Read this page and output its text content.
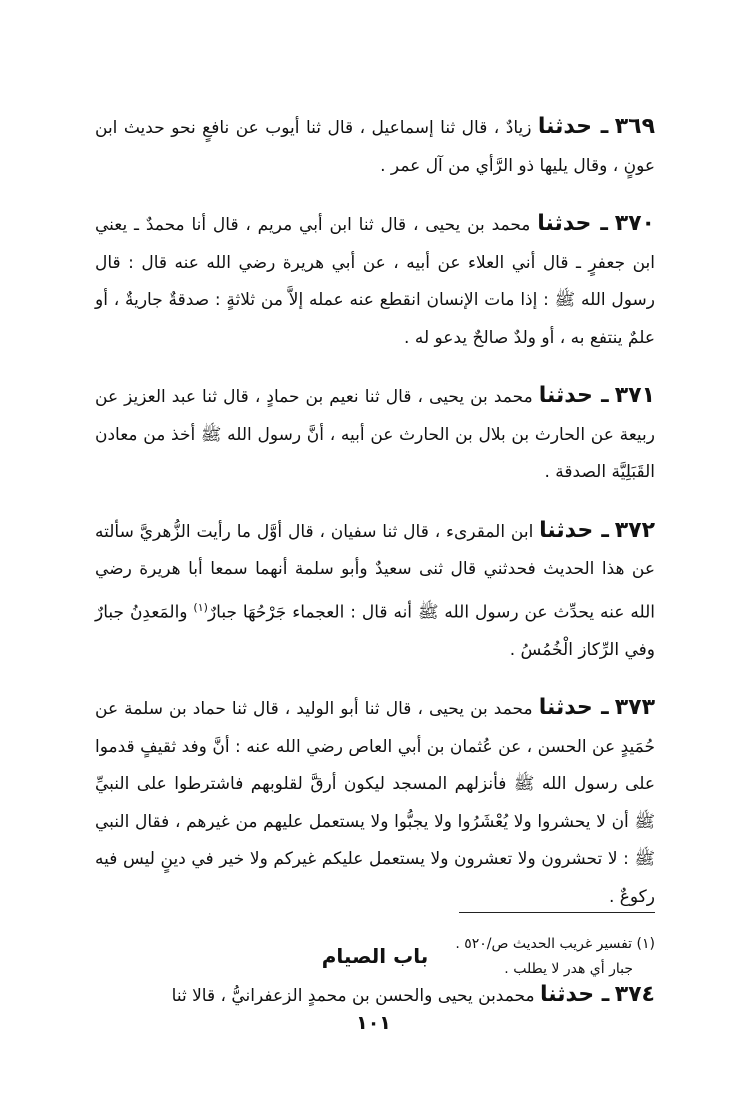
٣٦٩ ـ حدثنا زيادٌ ، قال ثنا إسماعيل ، قال ثنا أيوب عن نافعٍ نحو حديث ابن عونٍ ، وقال يليها ذو الرَّأي من آل عمر .

٣٧٠ ـ حدثنا محمد بن يحيى ، قال ثنا ابن أبي مريم ، قال أنا محمدٌ ـ يعني ابن جعفرٍ ـ قال أني العلاء عن أبيه ، عن أبي هريرة رضي الله عنه قال : قال رسول الله ﷺ : إذا مات الإنسان انقطع عنه عمله إلاَّ من ثلاثةٍ : صدقةٌ جاريةٌ ، أو علمٌ ينتفع به ، أو ولدٌ صالحٌ يدعو له .

٣٧١ ـ حدثنا محمد بن يحيى ، قال ثنا نعيم بن حمادٍ ، قال ثنا عبد العزيز عن ربيعة عن الحارث بن بلال بن الحارث عن أبيه ، أنَّ رسول الله ﷺ أخذ من معادن القَبَلِيَّة الصدقة .

٣٧٢ ـ حدثنا ابن المقرىء ، قال ثنا سفيان ، قال أوَّل ما رأيت الزُّهريَّ سألته عن هذا الحديث فحدثني قال ثنى سعيدٌ وأبو سلمة أنهما سمعا أبا هريرة رضي الله عنه يحدِّث عن رسول الله ﷺ أنه قال : العجماء جَرْحُهَا جبارٌ$^{(١)}$ والمَعدِنُ جبارٌ وفي الرِّكاز الْخُمُسُ .

٣٧٣ ـ حدثنا محمد بن يحيى ، قال ثنا أبو الوليد ، قال ثنا حماد بن سلمة عن حُمَيدٍ عن الحسن ، عن عُثمان بن أبي العاص رضي الله عنه : أنَّ وفد ثقيفٍ قدموا على رسول الله ﷺ فأنزلهم المسجد ليكون أرقَّ لقلوبهم فاشترطوا على النبيِّ ﷺ أن لا يحشروا ولا يُعْشَرُوا ولا يجبُّوا ولا يستعمل عليهم من غيرهم ، فقال النبي ﷺ : لا تحشرون ولا تعشرون ولا يستعمل عليكم غيركم ولا خير في دينٍ ليس فيه ركوعٌ .

باب الصيام

٣٧٤ ـ حدثنا محمدبن يحيى والحسن بن محمدٍ الزعفرانيُّ ، قالا ثنا

(١) تفسير غريب الحديث ص/٥٢٠ .
جبار أي هدر لا يطلب .
١٠١
